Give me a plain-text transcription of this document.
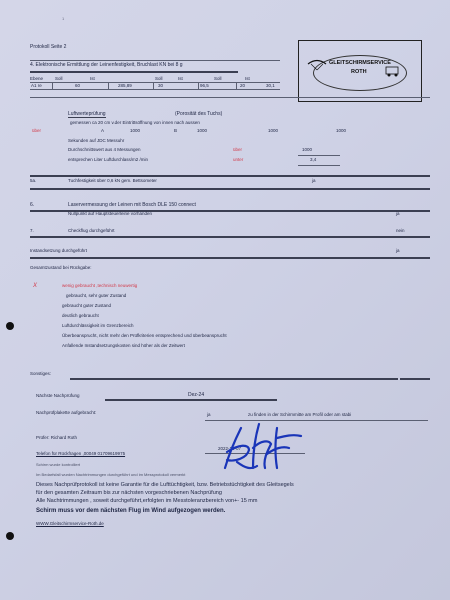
1
Protokoll Seite 2
GLEITSCHIRMSERVICE
ROTH
4. Elektronische Ermittlung der Leinenfestigkeit, Bruchlast KN bei 8 g
Ebene	Soll	Ist	Soll	Ist	Soll	Ist
A1 re	60	285,89	30	96,5	20	30,1
Luftwerteprüfung	(Porosität des Tuchs)
gemessen ca 20 cm v.der Eintrittsöffnung von innen nach aussen
über	A	1000	B	1000	1000	1000
Sekunden auf JDC Messuhr
Durchschnittswert aus 4 Messungen	über	1000
entsprechen Liter Luftdurchlass/m2 /min	unter	3,4
5a.	Tuchfestigkeit über 0,6 kN gem. Bettsometer	ja
6.	Laservermessung der Leinen mit Bosch DLE 150 connect
Nullpunkt auf Hauptsteuerleine vorhanden	ja
7.	Checkflug durchgeführt	nein
Instandsetzung durchgeführt	ja
Gesamtzustand bei Rückgabe:
X	wenig gebraucht ,technisch neuwertig
gebraucht, sehr guter Zustand
gebraucht guter Zustand
deutlich gebraucht
Luftdurchlässigkeit im Grenzbereich
Überbeansprucht, nicht mehr den Prüfkriterien entsprechend und überbeansprucht
Anfallende Instandsetzungskosten sind höher als der Zeitwert
Sonstiges:
Nächste Nachprüfung	Dez-24
Nachprüfplakette aufgebracht:	ja	zu finden in der Schirmmitte am Profil oder am stabi
Prüfer: Richard Roth
2022-10-07
Telefon für Rückfragen ,00049 01709619975
Schirm wurde kontrolliert
Im Bedarfsfall wurden Nachtrimmungen durchgeführt und im Messprotokoll vermerkt
Dieses Nachprüfprotokoll ist keine Garantie für die Lufttüchtigkeit, bzw. Betriebstüchtigkeit des Gleitsegels
für den gesamten Zeitraum bis zur nächsten vorgeschriebenen Nachprüfung
Alle Nachtrimmungen , soweit durchgeführt,erfolgten im Messtoleranzbereich von+- 15 mm
Schirm muss vor dem nächsten Flug im Wind aufgezogen werden.
WWW.Gleitschirmservice-Roth.de
